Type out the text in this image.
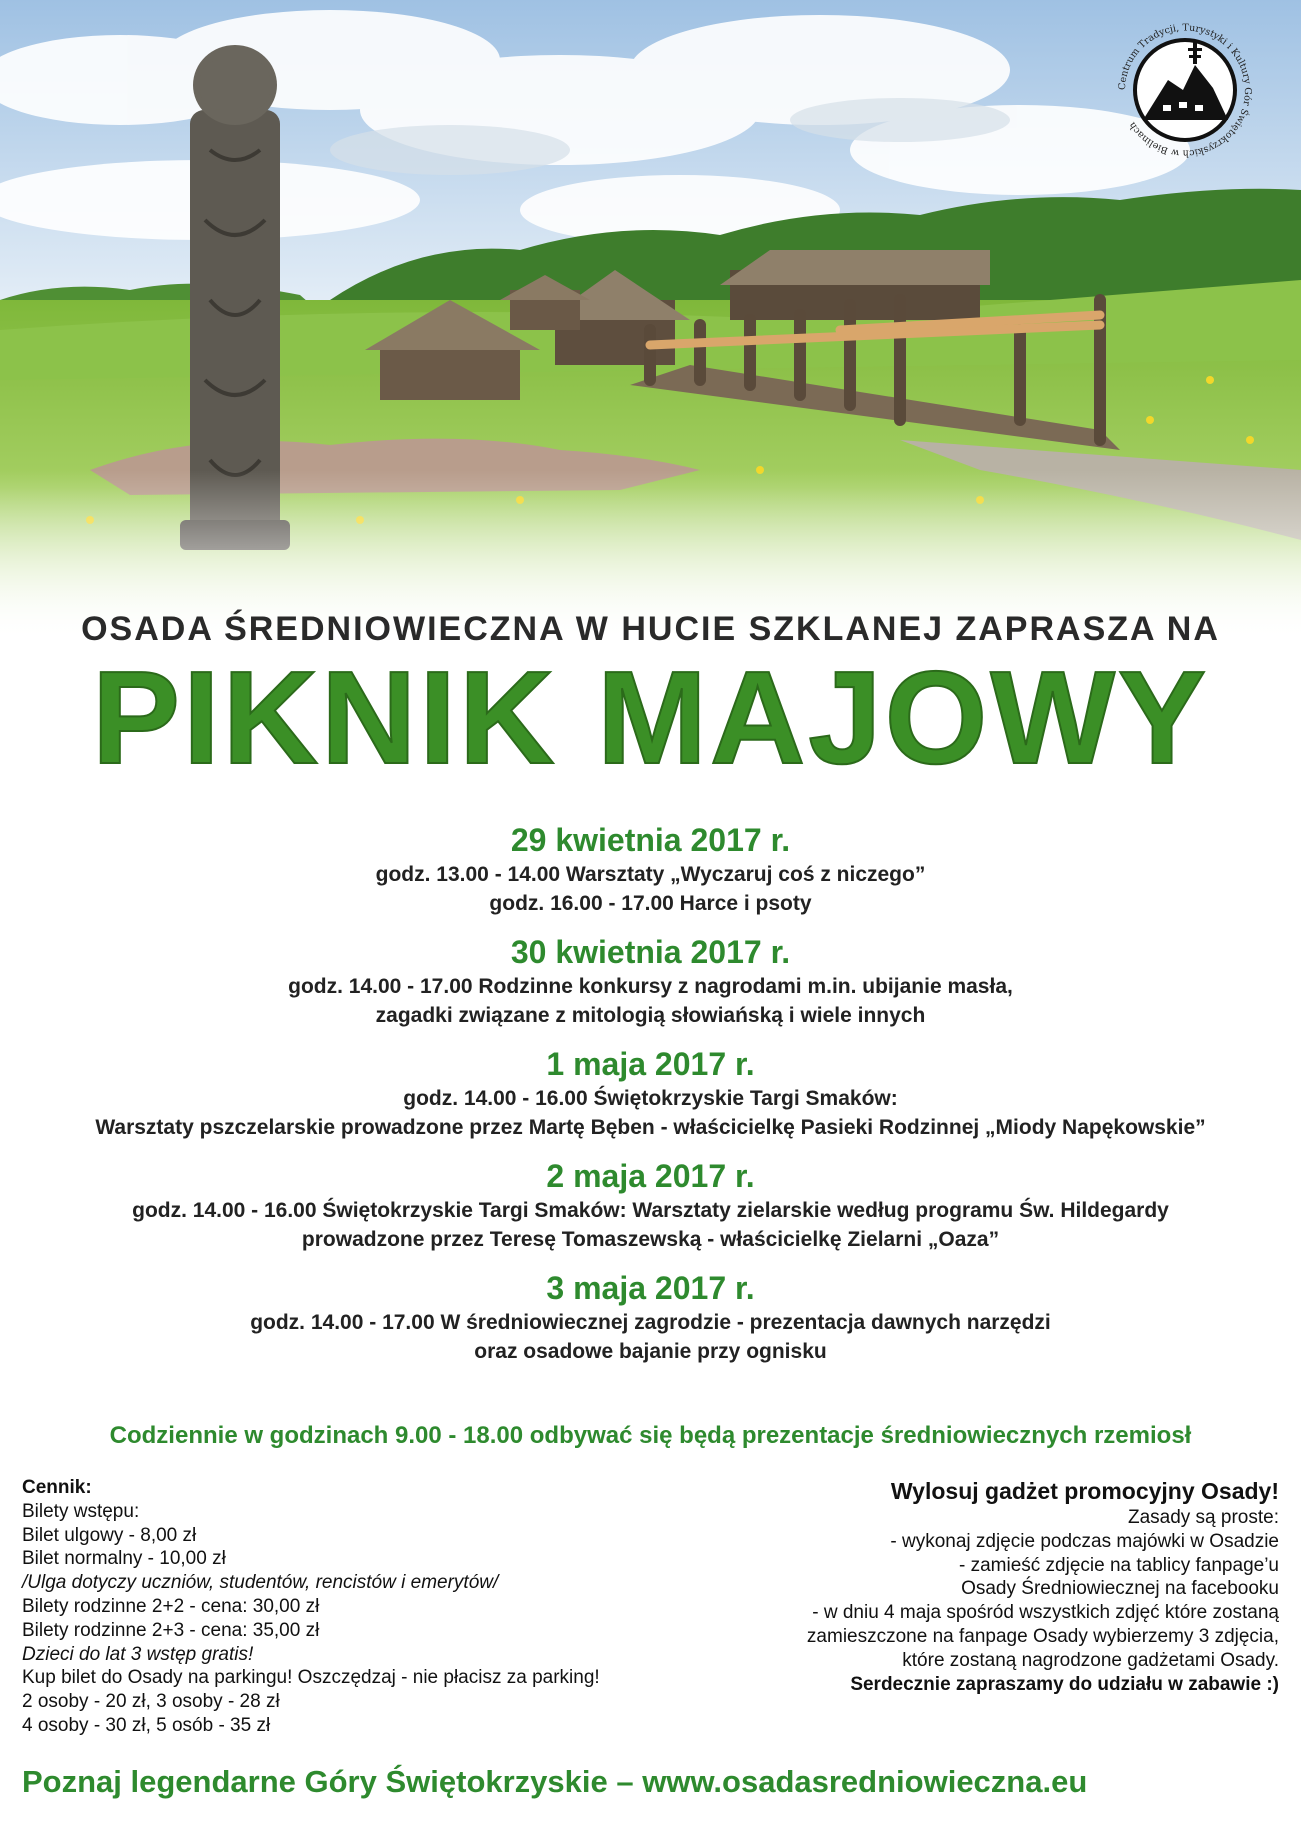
Centrum Tradycji, Turystyki i Kultury Gór Świętokrzyskich w Bielinach
OSADA ŚREDNIOWIECZNA W HUCIE SZKLANEJ ZAPRASZA NA
PIKNIK MAJOWY
29 kwietnia 2017 r.
godz. 13.00 - 14.00 Warsztaty „Wyczaruj coś z niczego”
godz. 16.00 - 17.00 Harce i psoty
30 kwietnia 2017 r.
godz. 14.00 - 17.00 Rodzinne konkursy z nagrodami m.in. ubijanie masła,
zagadki związane z mitologią słowiańską i wiele innych
1 maja 2017 r.
godz. 14.00 - 16.00 Świętokrzyskie Targi Smaków:
Warsztaty pszczelarskie prowadzone przez Martę Bęben - właścicielkę Pasieki Rodzinnej „Miody Napękowskie”
2 maja 2017 r.
godz. 14.00 - 16.00 Świętokrzyskie Targi Smaków: Warsztaty zielarskie według programu Św. Hildegardy
prowadzone przez Teresę Tomaszewską - właścicielkę Zielarni „Oaza”
3 maja 2017 r.
godz. 14.00 - 17.00 W średniowiecznej zagrodzie - prezentacja dawnych narzędzi
oraz osadowe bajanie przy ognisku
Codziennie w godzinach 9.00 - 18.00 odbywać się będą prezentacje średniowiecznych rzemiosł
Cennik:
Bilety wstępu:
Bilet ulgowy - 8,00 zł
Bilet normalny - 10,00 zł
/Ulga dotyczy uczniów, studentów, rencistów i emerytów/
Bilety rodzinne 2+2 - cena: 30,00 zł
Bilety rodzinne 2+3 - cena: 35,00 zł
Dzieci do lat 3 wstęp gratis!
Kup bilet do Osady na parkingu! Oszczędzaj - nie płacisz za parking!
2 osoby - 20 zł, 3 osoby - 28 zł
4 osoby - 30 zł, 5 osób - 35 zł
Wylosuj gadżet promocyjny Osady!
Zasady są proste:
- wykonaj zdjęcie podczas majówki w Osadzie
- zamieść zdjęcie na tablicy fanpage’u
Osady Średniowiecznej na facebooku
- w dniu 4 maja spośród wszystkich zdjęć które zostaną
zamieszczone na fanpage Osady wybierzemy 3 zdjęcia,
które zostaną nagrodzone gadżetami Osady.
Serdecznie zapraszamy do udziału w zabawie :)
Poznaj legendarne Góry Świętokrzyskie – www.osadasredniowieczna.eu
